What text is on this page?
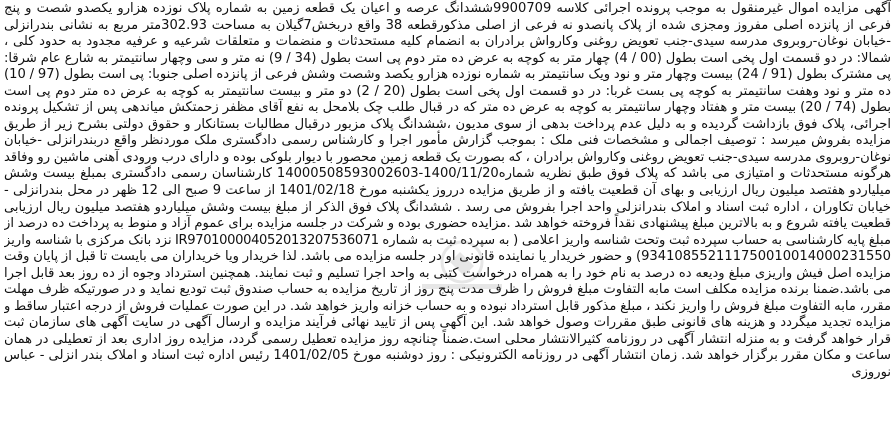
آگهی مزایده اموال غیرمنقول به موجب پرونده اجرائی کلاسه 9900709ششدانگ عرصه و اعیان یک قطعه زمین به شماره پلاک نوزده هزارو یکصدو شصت و پنج فرعی از پانزده اصلی مفروز ومجزی شده از پلاک پانصدو نه فرعی از اصلی مذکورقطعه 38 واقع دربخش7گیلان به مساحت 302.93متر مربع به نشانی بندرانزلی -خیابان نوغان-روبروی مدرسه سیدی-جنب تعویض روغنی وکارواش برادران به انضمام کلیه مستحدثات و منضمات و متعلقات شرعیه و عرفیه مجدود به حدود کلی ، شمالا: در دو قسمت اول پخی است بطول (00 / 4) چهار متر به کوچه به عرض ده متر دوم پی است بطول (34 / 9) نه متر و سی وچهار سانتیمتر به شارع عام شرقا: پی مشترک بطول (91 / 24) بیست وچهار متر و نود ویک سانتیمتر به شماره نوزده هزارو یکصد وشصت وشش فرعی از پانزده اصلی جنوبا: پی است بطول (97 / 10) ده متر و نود وهفت سانتیمتر به کوچه پی بست غربا: در دو قسمت اول پخی است بطول (20 / 2) دو متر و بیست سانتیمتر به کوچه به عرض ده متر دوم پی است بطول (74 / 20) بیست متر و هفتاد وچهار سانتیمتر به کوچه به عرض ده متر که در قبال طلب چک بلامحل به نفع آقای مظفر زحمتکش میاندهی پس از تشکیل پرونده اجرائی، پلاک فوق بازداشت گردیده و به دلیل عدم پرداخت بدهی از سوی مدیون ،ششدانگ پلاک مزبور درقبال مطالبات بستانکار و حقوق دولتی بشرح زیر از طریق مزایده بفروش میرسد : توصیف اجمالی و مشخصات فنی ملک : بموجب گزارش مأمور اجرا و کارشناس رسمی دادگستری ملک موردنظر واقع دربندرانزلی -خیابان نوغان-روبروی مدرسه سیدی-جنب تعویض روغنی وکارواش برادران ، که بصورت یک قطعه زمین محصور با دیوار بلوکی بوده و دارای درب ورودی آهنی ماشین رو وفاقد هرگونه مستحدثات و امتیازی می باشد که پلاک فوق طبق نظریه شماره1400/11/20-14000508593002603 کارشناسان رسمی دادگستری بمبلغ بیست وشش میلیاردو هفتصد میلیون ریال ارزیابی و بهای آن قطعیت یافته و از طریق مزایده درروز یکشنبه مورخ 1401/02/18 از ساعت 9 صبح الی 12 ظهر در محل بندرانزلی - خیابان تکاوران ، اداره ثبت اسناد و املاک بندرانزلی واحد اجرا بفروش می رسد . ششدانگ پلاک فوق الذکر از مبلغ بیست وشش میلیاردو هفتصد میلیون ریال ارزیابی قطعیت یافته شروع و به بالاترین مبلغ پیشنهادی نقداً فروخته خواهد شد .مزایده حضوری بوده و شرکت در جلسه مزایده برای عموم آزاد و منوط به پرداخت ده درصد از مبلغ پایه کارشناسی به حساب سپرده ثبت وتحت شناسه واریز اعلامی ( به سپرده ثبت به شماره IR970100004052013207536071 نزد بانک مرکزی با شناسه واریز 934108552111750010014000231550) و حضور خریدار یا نماینده قانونی او در جلسه مزایده می باشد. لذا خریدار ویا خریداران می بایست تا قبل از پایان وقت مزایده اصل فیش واریزی مبلغ ودیعه ده درصد به نام خود را به همراه درخواست کتبی به واحد اجرا تسلیم و ثبت نمایند. همچنین استرداد وجوه از ده روز بعد قابل اجرا می باشد.ضمنا برنده مزایده مکلف است مابه التفاوت مبلغ فروش را ظرف مدت پنج روز از تاریخ مزایده به حساب صندوق ثبت تودیع نماید و در صورتیکه ظرف مهلت مقرر، مابه التفاوت مبلغ فروش را واریز نکند ، مبلغ مذکور قابل استرداد نبوده و به حساب خزانه واریز خواهد شد. در این صورت عملیات فروش از درجه اعتبار ساقط و مزایده تجدید میگردد و هزینه های قانونی طبق مقررات وصول خواهد شد. این آگهی پس از تایید نهائی فرآیند مزایده و ارسال آگهی در سایت آگهی های سازمان ثبت قرار خواهد گرفت و به منزله انتشار آگهی در روزنامه کثیرالانتشار محلی است.ضمناً چنانچه روز مزایده تعطیل رسمی گردد، مزایده روز اداری بعد از تعطیلی در همان ساعت و مکان مقرر برگزار خواهد شد. زمان انتشار آگهی در روزنامه الکترونیکی : روز دوشنبه مورخ 1401/02/05 رئیس اداره ثبت اسناد و املاک بندر انزلی - عباس نوروزی
